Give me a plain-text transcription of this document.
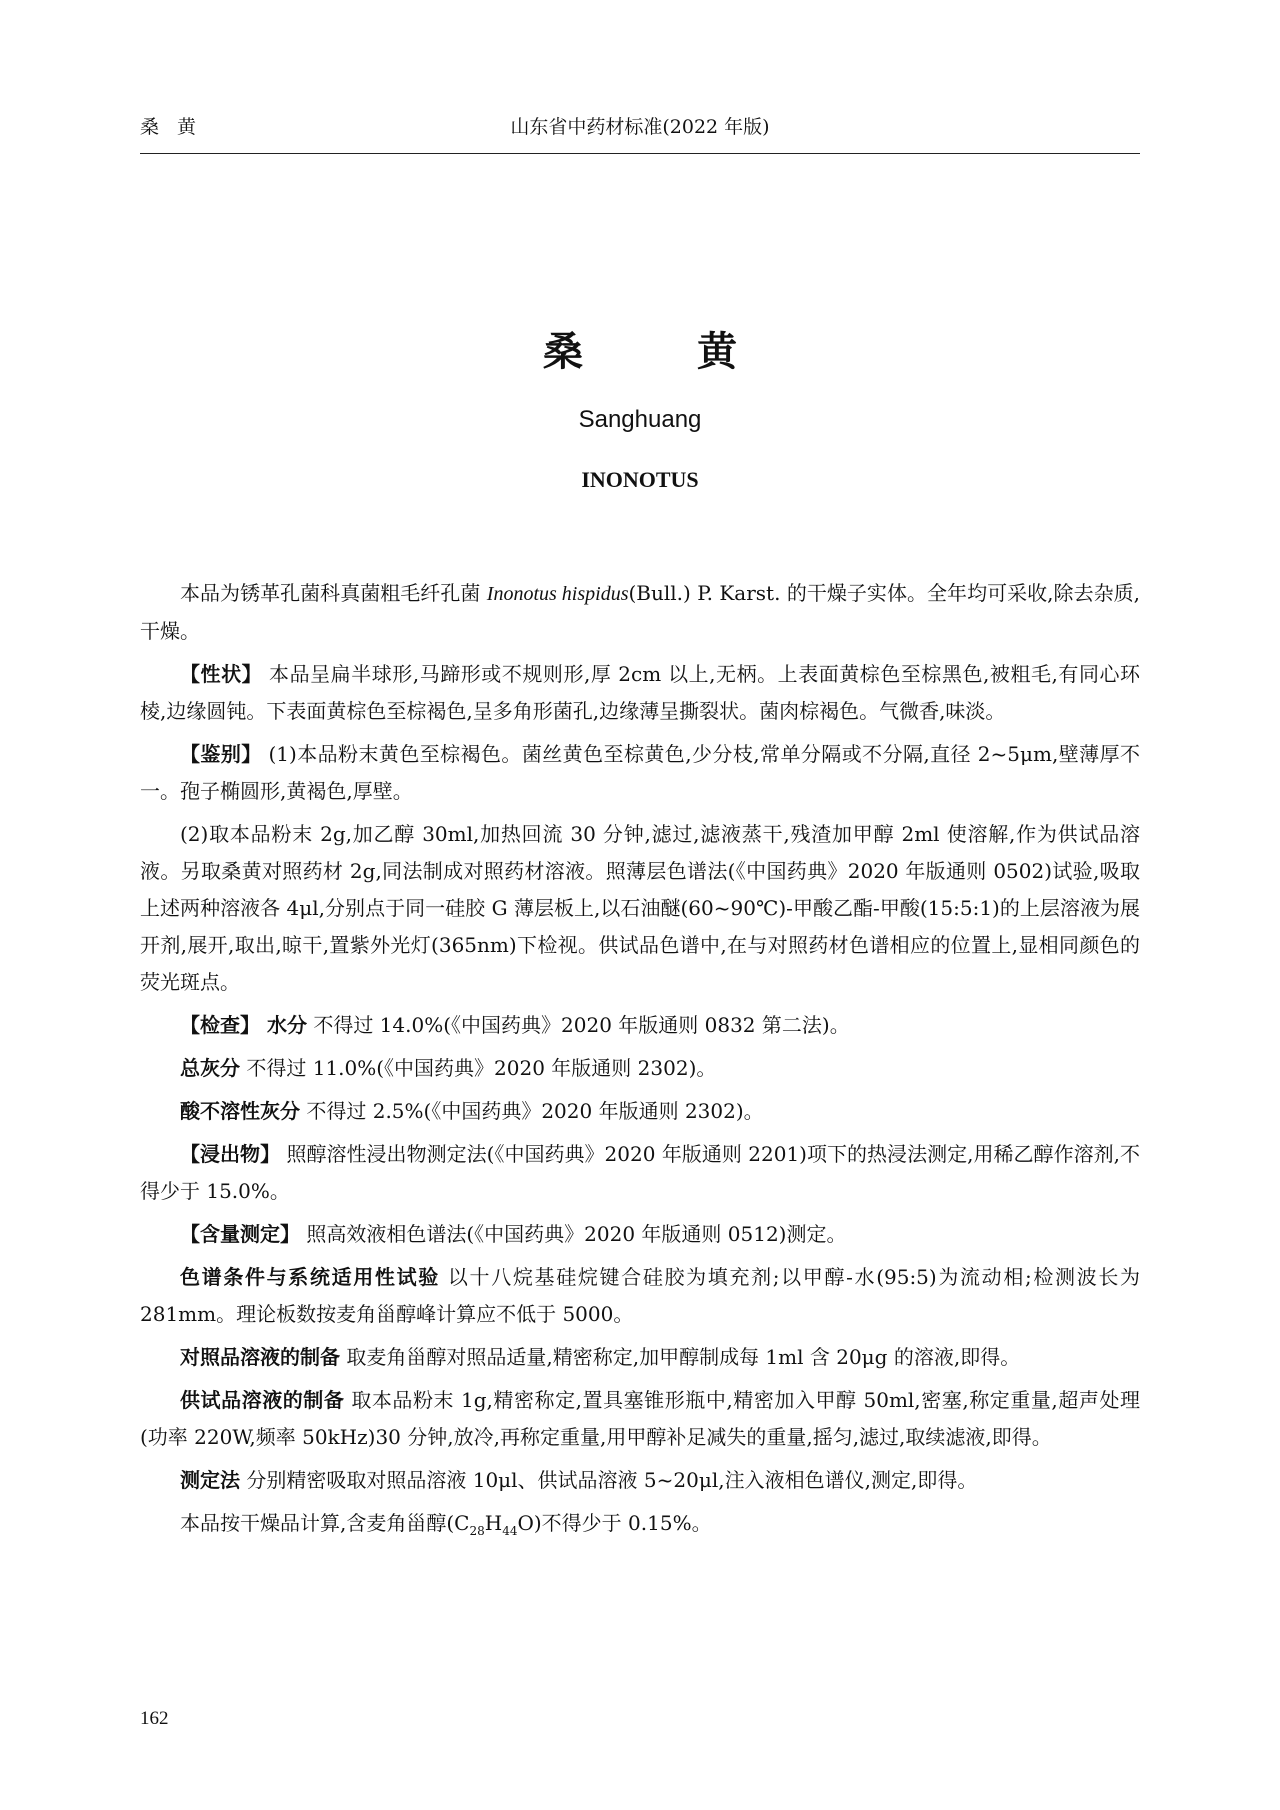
桑黄	山东省中药材标准(2022 年版)
桑 黄
Sanghuang
INONOTUS

本品为锈革孔菌科真菌粗毛纤孔菌 Inonotus hispidus(Bull.) P. Karst. 的干燥子实体。全年均可采收,除去杂质,干燥。

【性状】 本品呈扁半球形,马蹄形或不规则形,厚 2cm 以上,无柄。上表面黄棕色至棕黑色,被粗毛,有同心环棱,边缘圆钝。下表面黄棕色至棕褐色,呈多角形菌孔,边缘薄呈撕裂状。菌肉棕褐色。气微香,味淡。

【鉴别】 (1)本品粉末黄色至棕褐色。菌丝黄色至棕黄色,少分枝,常单分隔或不分隔,直径 2~5μm,壁薄厚不一。孢子椭圆形,黄褐色,厚壁。

(2)取本品粉末 2g,加乙醇 30ml,加热回流 30 分钟,滤过,滤液蒸干,残渣加甲醇 2ml 使溶解,作为供试品溶液。另取桑黄对照药材 2g,同法制成对照药材溶液。照薄层色谱法(《中国药典》2020 年版通则 0502)试验,吸取上述两种溶液各 4μl,分别点于同一硅胶 G 薄层板上,以石油醚(60~90℃)-甲酸乙酯-甲酸(15:5:1)的上层溶液为展开剂,展开,取出,晾干,置紫外光灯(365nm)下检视。供试品色谱中,在与对照药材色谱相应的位置上,显相同颜色的荧光斑点。

【检查】 水分 不得过 14.0%(《中国药典》2020 年版通则 0832 第二法)。

总灰分 不得过 11.0%(《中国药典》2020 年版通则 2302)。

酸不溶性灰分 不得过 2.5%(《中国药典》2020 年版通则 2302)。

【浸出物】 照醇溶性浸出物测定法(《中国药典》2020 年版通则 2201)项下的热浸法测定,用稀乙醇作溶剂,不得少于 15.0%。

【含量测定】 照高效液相色谱法(《中国药典》2020 年版通则 0512)测定。

色谱条件与系统适用性试验 以十八烷基硅烷键合硅胶为填充剂;以甲醇-水(95:5)为流动相;检测波长为 281mm。理论板数按麦角甾醇峰计算应不低于 5000。

对照品溶液的制备 取麦角甾醇对照品适量,精密称定,加甲醇制成每 1ml 含 20μg 的溶液,即得。

供试品溶液的制备 取本品粉末 1g,精密称定,置具塞锥形瓶中,精密加入甲醇 50ml,密塞,称定重量,超声处理(功率 220W,频率 50kHz)30 分钟,放冷,再称定重量,用甲醇补足减失的重量,摇匀,滤过,取续滤液,即得。

测定法 分别精密吸取对照品溶液 10μl、供试品溶液 5~20μl,注入液相色谱仪,测定,即得。

本品按干燥品计算,含麦角甾醇$(C_{28}H_{44}O)$不得少于 0.15%。

162
